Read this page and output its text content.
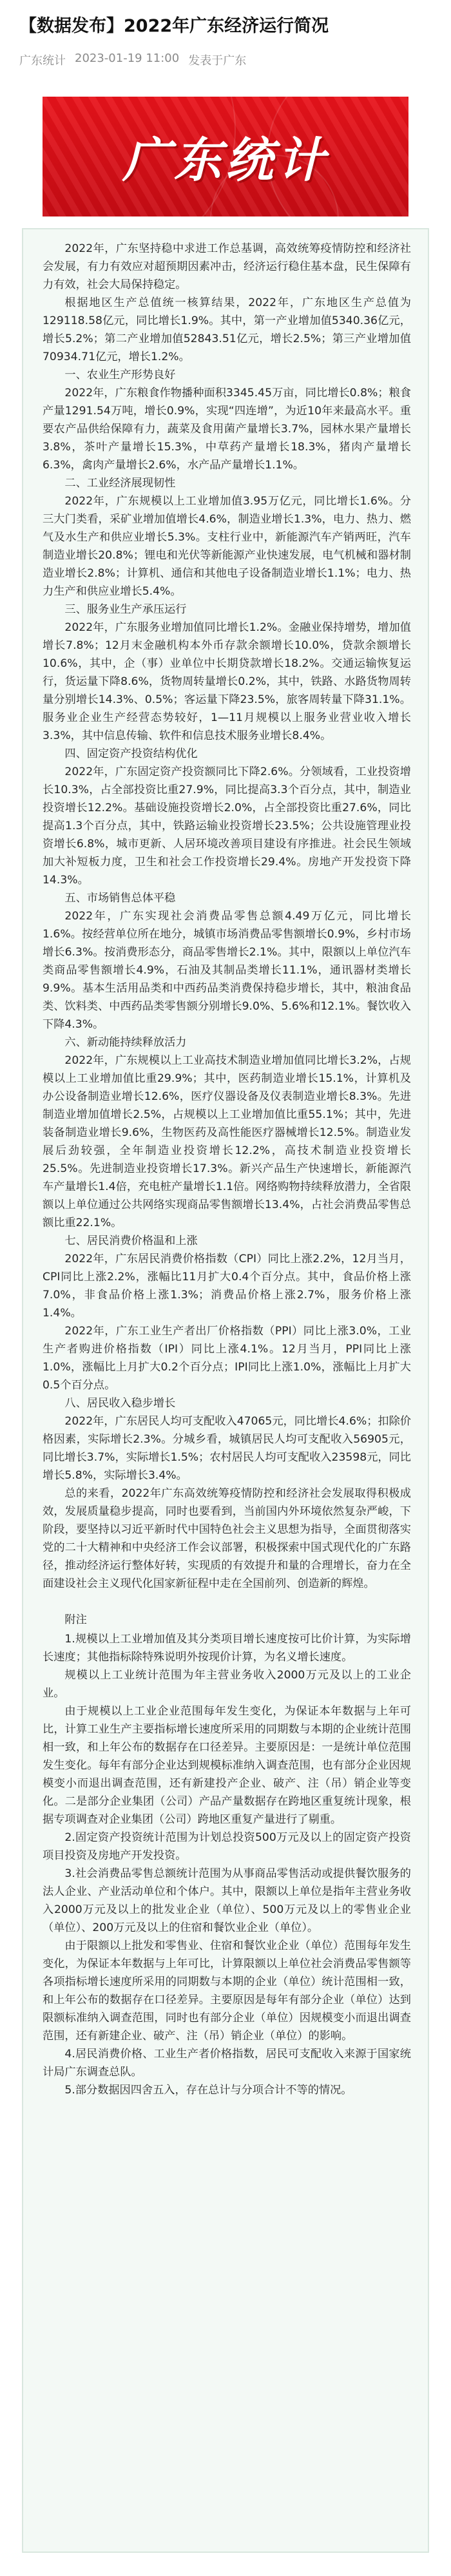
【数据发布】2022年广东经济运行简况
广东统计 2023-01-19 11:00 发表于广东
广东统计

2022年，广东坚持稳中求进工作总基调，高效统筹疫情防控和经济社会发展，有力有效应对超预期因素冲击，经济运行稳住基本盘，民生保障有力有效，社会大局保持稳定。

根据地区生产总值统一核算结果，2022年，广东地区生产总值为129118.58亿元，同比增长1.9%。其中，第一产业增加值5340.36亿元，增长5.2%；第二产业增加值52843.51亿元，增长2.5%；第三产业增加值70934.71亿元，增长1.2%。

一、农业生产形势良好

2022年，广东粮食作物播种面积3345.45万亩，同比增长0.8%；粮食产量1291.54万吨，增长0.9%，实现“四连增”，为近10年来最高水平。重要农产品供给保障有力，蔬菜及食用菌产量增长3.7%，园林水果产量增长3.8%，茶叶产量增长15.3%，中草药产量增长18.3%，猪肉产量增长6.3%，禽肉产量增长2.6%，水产品产量增长1.1%。

二、工业经济展现韧性

2022年，广东规模以上工业增加值3.95万亿元，同比增长1.6%。分三大门类看，采矿业增加值增长4.6%，制造业增长1.3%，电力、热力、燃气及水生产和供应业增长5.3%。支柱行业中，新能源汽车产销两旺，汽车制造业增长20.8%；锂电和光伏等新能源产业快速发展，电气机械和器材制造业增长2.8%；计算机、通信和其他电子设备制造业增长1.1%；电力、热力生产和供应业增长5.4%。

三、服务业生产承压运行

2022年，广东服务业增加值同比增长1.2%。金融业保持增势，增加值增长7.8%；12月末金融机构本外币存款余额增长10.0%，贷款余额增长10.6%，其中，企（事）业单位中长期贷款增长18.2%。交通运输恢复运行，货运量下降8.6%，货物周转量增长0.2%，其中，铁路、水路货物周转量分别增长14.3%、0.5%；客运量下降23.5%，旅客周转量下降31.1%。服务业企业生产经营态势较好，1—11月规模以上服务业营业收入增长3.3%，其中信息传输、软件和信息技术服务业增长8.4%。

四、固定资产投资结构优化

2022年，广东固定资产投资额同比下降2.6%。分领域看，工业投资增长10.3%，占全部投资比重27.9%，同比提高3.3个百分点，其中，制造业投资增长12.2%。基础设施投资增长2.0%，占全部投资比重27.6%，同比提高1.3个百分点，其中，铁路运输业投资增长23.5%；公共设施管理业投资增长6.8%，城市更新、人居环境改善项目建设有序推进。社会民生领域加大补短板力度，卫生和社会工作投资增长29.4%。房地产开发投资下降14.3%。

五、市场销售总体平稳

2022年，广东实现社会消费品零售总额4.49万亿元，同比增长1.6%。按经营单位所在地分，城镇市场消费品零售额增长0.9%，乡村市场增长6.3%。按消费形态分，商品零售增长2.1%。其中，限额以上单位汽车类商品零售额增长4.9%，石油及其制品类增长11.1%，通讯器材类增长9.9%。基本生活用品类和中西药品类消费保持稳步增长，其中，粮油食品类、饮料类、中西药品类零售额分别增长9.0%、5.6%和12.1%。餐饮收入下降4.3%。

六、新动能持续释放活力

2022年，广东规模以上工业高技术制造业增加值同比增长3.2%，占规模以上工业增加值比重29.9%；其中，医药制造业增长15.1%，计算机及办公设备制造业增长12.6%，医疗仪器设备及仪表制造业增长8.3%。先进制造业增加值增长2.5%，占规模以上工业增加值比重55.1%；其中，先进装备制造业增长9.6%，生物医药及高性能医疗器械增长12.5%。制造业发展后劲较强，全年制造业投资增长12.2%，高技术制造业投资增长25.5%。先进制造业投资增长17.3%。新兴产品生产快速增长，新能源汽车产量增长1.4倍，充电桩产量增长1.1倍。网络购物持续释放潜力，全省限额以上单位通过公共网络实现商品零售额增长13.4%，占社会消费品零售总额比重22.1%。

七、居民消费价格温和上涨

2022年，广东居民消费价格指数（CPI）同比上涨2.2%，12月当月，CPI同比上涨2.2%，涨幅比11月扩大0.4个百分点。其中，食品价格上涨7.0%，非食品价格上涨1.3%；消费品价格上涨2.7%，服务价格上涨1.4%。

2022年，广东工业生产者出厂价格指数（PPI）同比上涨3.0%，工业生产者购进价格指数（IPI）同比上涨4.1%。12月当月，PPI同比上涨1.0%，涨幅比上月扩大0.2个百分点；IPI同比上涨1.0%，涨幅比上月扩大0.5个百分点。

八、居民收入稳步增长

2022年，广东居民人均可支配收入47065元，同比增长4.6%；扣除价格因素，实际增长2.3%。分城乡看，城镇居民人均可支配收入56905元，同比增长3.7%，实际增长1.5%；农村居民人均可支配收入23598元，同比增长5.8%，实际增长3.4%。

总的来看，2022年广东高效统筹疫情防控和经济社会发展取得积极成效，发展质量稳步提高，同时也要看到，当前国内外环境依然复杂严峻，下阶段，要坚持以习近平新时代中国特色社会主义思想为指导，全面贯彻落实党的二十大精神和中央经济工作会议部署，积极探索中国式现代化的广东路径，推动经济运行整体好转，实现质的有效提升和量的合理增长，奋力在全面建设社会主义现代化国家新征程中走在全国前列、创造新的辉煌。

附注

1.规模以上工业增加值及其分类项目增长速度按可比价计算，为实际增长速度；其他指标除特殊说明外按现价计算，为名义增长速度。

规模以上工业统计范围为年主营业务收入2000万元及以上的工业企业。

由于规模以上工业企业范围每年发生变化，为保证本年数据与上年可比，计算工业生产主要指标增长速度所采用的同期数与本期的企业统计范围相一致，和上年公布的数据存在口径差异。主要原因是：一是统计单位范围发生变化。每年有部分企业达到规模标准纳入调查范围，也有部分企业因规模变小而退出调查范围，还有新建投产企业、破产、注（吊）销企业等变化。二是部分企业集团（公司）产品产量数据存在跨地区重复统计现象，根据专项调查对企业集团（公司）跨地区重复产量进行了剔重。

2.固定资产投资统计范围为计划总投资500万元及以上的固定资产投资项目投资及房地产开发投资。

3.社会消费品零售总额统计范围为从事商品零售活动或提供餐饮服务的法人企业、产业活动单位和个体户。其中，限额以上单位是指年主营业务收入2000万元及以上的批发业企业（单位）、500万元及以上的零售业企业（单位）、200万元及以上的住宿和餐饮业企业（单位）。

由于限额以上批发和零售业、住宿和餐饮业企业（单位）范围每年发生变化，为保证本年数据与上年可比，计算限额以上单位社会消费品零售额等各项指标增长速度所采用的同期数与本期的企业（单位）统计范围相一致，和上年公布的数据存在口径差异。主要原因是每年有部分企业（单位）达到限额标准纳入调查范围，同时也有部分企业（单位）因规模变小而退出调查范围，还有新建企业、破产、注（吊）销企业（单位）的影响。

4.居民消费价格、工业生产者价格指数，居民可支配收入来源于国家统计局广东调查总队。

5.部分数据因四舍五入，存在总计与分项合计不等的情况。
